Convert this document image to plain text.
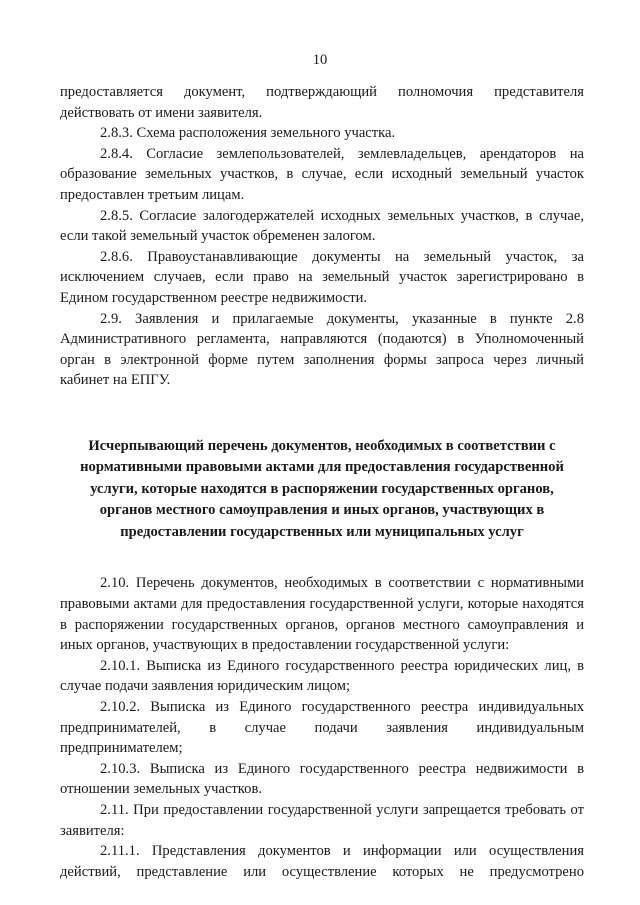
10

предоставляется документ, подтверждающий полномочия представителя действовать от имени заявителя.

2.8.3. Схема расположения земельного участка.

2.8.4. Согласие землепользователей, землевладельцев, арендаторов на образование земельных участков, в случае, если исходный земельный участок предоставлен третьим лицам.

2.8.5. Согласие залогодержателей исходных земельных участков, в случае, если такой земельный участок обременен залогом.

2.8.6. Правоустанавливающие документы на земельный участок, за исключением случаев, если право на земельный участок зарегистрировано в Едином государственном реестре недвижимости.

2.9. Заявления и прилагаемые документы, указанные в пункте 2.8 Административного регламента, направляются (подаются) в Уполномоченный орган в электронной форме путем заполнения формы запроса через личный кабинет на ЕПГУ.

Исчерпывающий перечень документов, необходимых в соответствии с нормативными правовыми актами для предоставления государственной услуги, которые находятся в распоряжении государственных органов, органов местного самоуправления и иных органов, участвующих в предоставлении государственных или муниципальных услуг

2.10. Перечень документов, необходимых в соответствии с нормативными правовыми актами для предоставления государственной услуги, которые находятся в распоряжении государственных органов, органов местного самоуправления и иных органов, участвующих в предоставлении государственной услуги:

2.10.1. Выписка из Единого государственного реестра юридических лиц, в случае подачи заявления юридическим лицом;

2.10.2. Выписка из Единого государственного реестра индивидуальных предпринимателей, в случае подачи заявления индивидуальным предпринимателем;

2.10.3. Выписка из Единого государственного реестра недвижимости в отношении земельных участков.

2.11. При предоставлении государственной услуги запрещается требовать от заявителя:

2.11.1. Представления документов и информации или осуществления действий, представление или осуществление которых не предусмотрено
